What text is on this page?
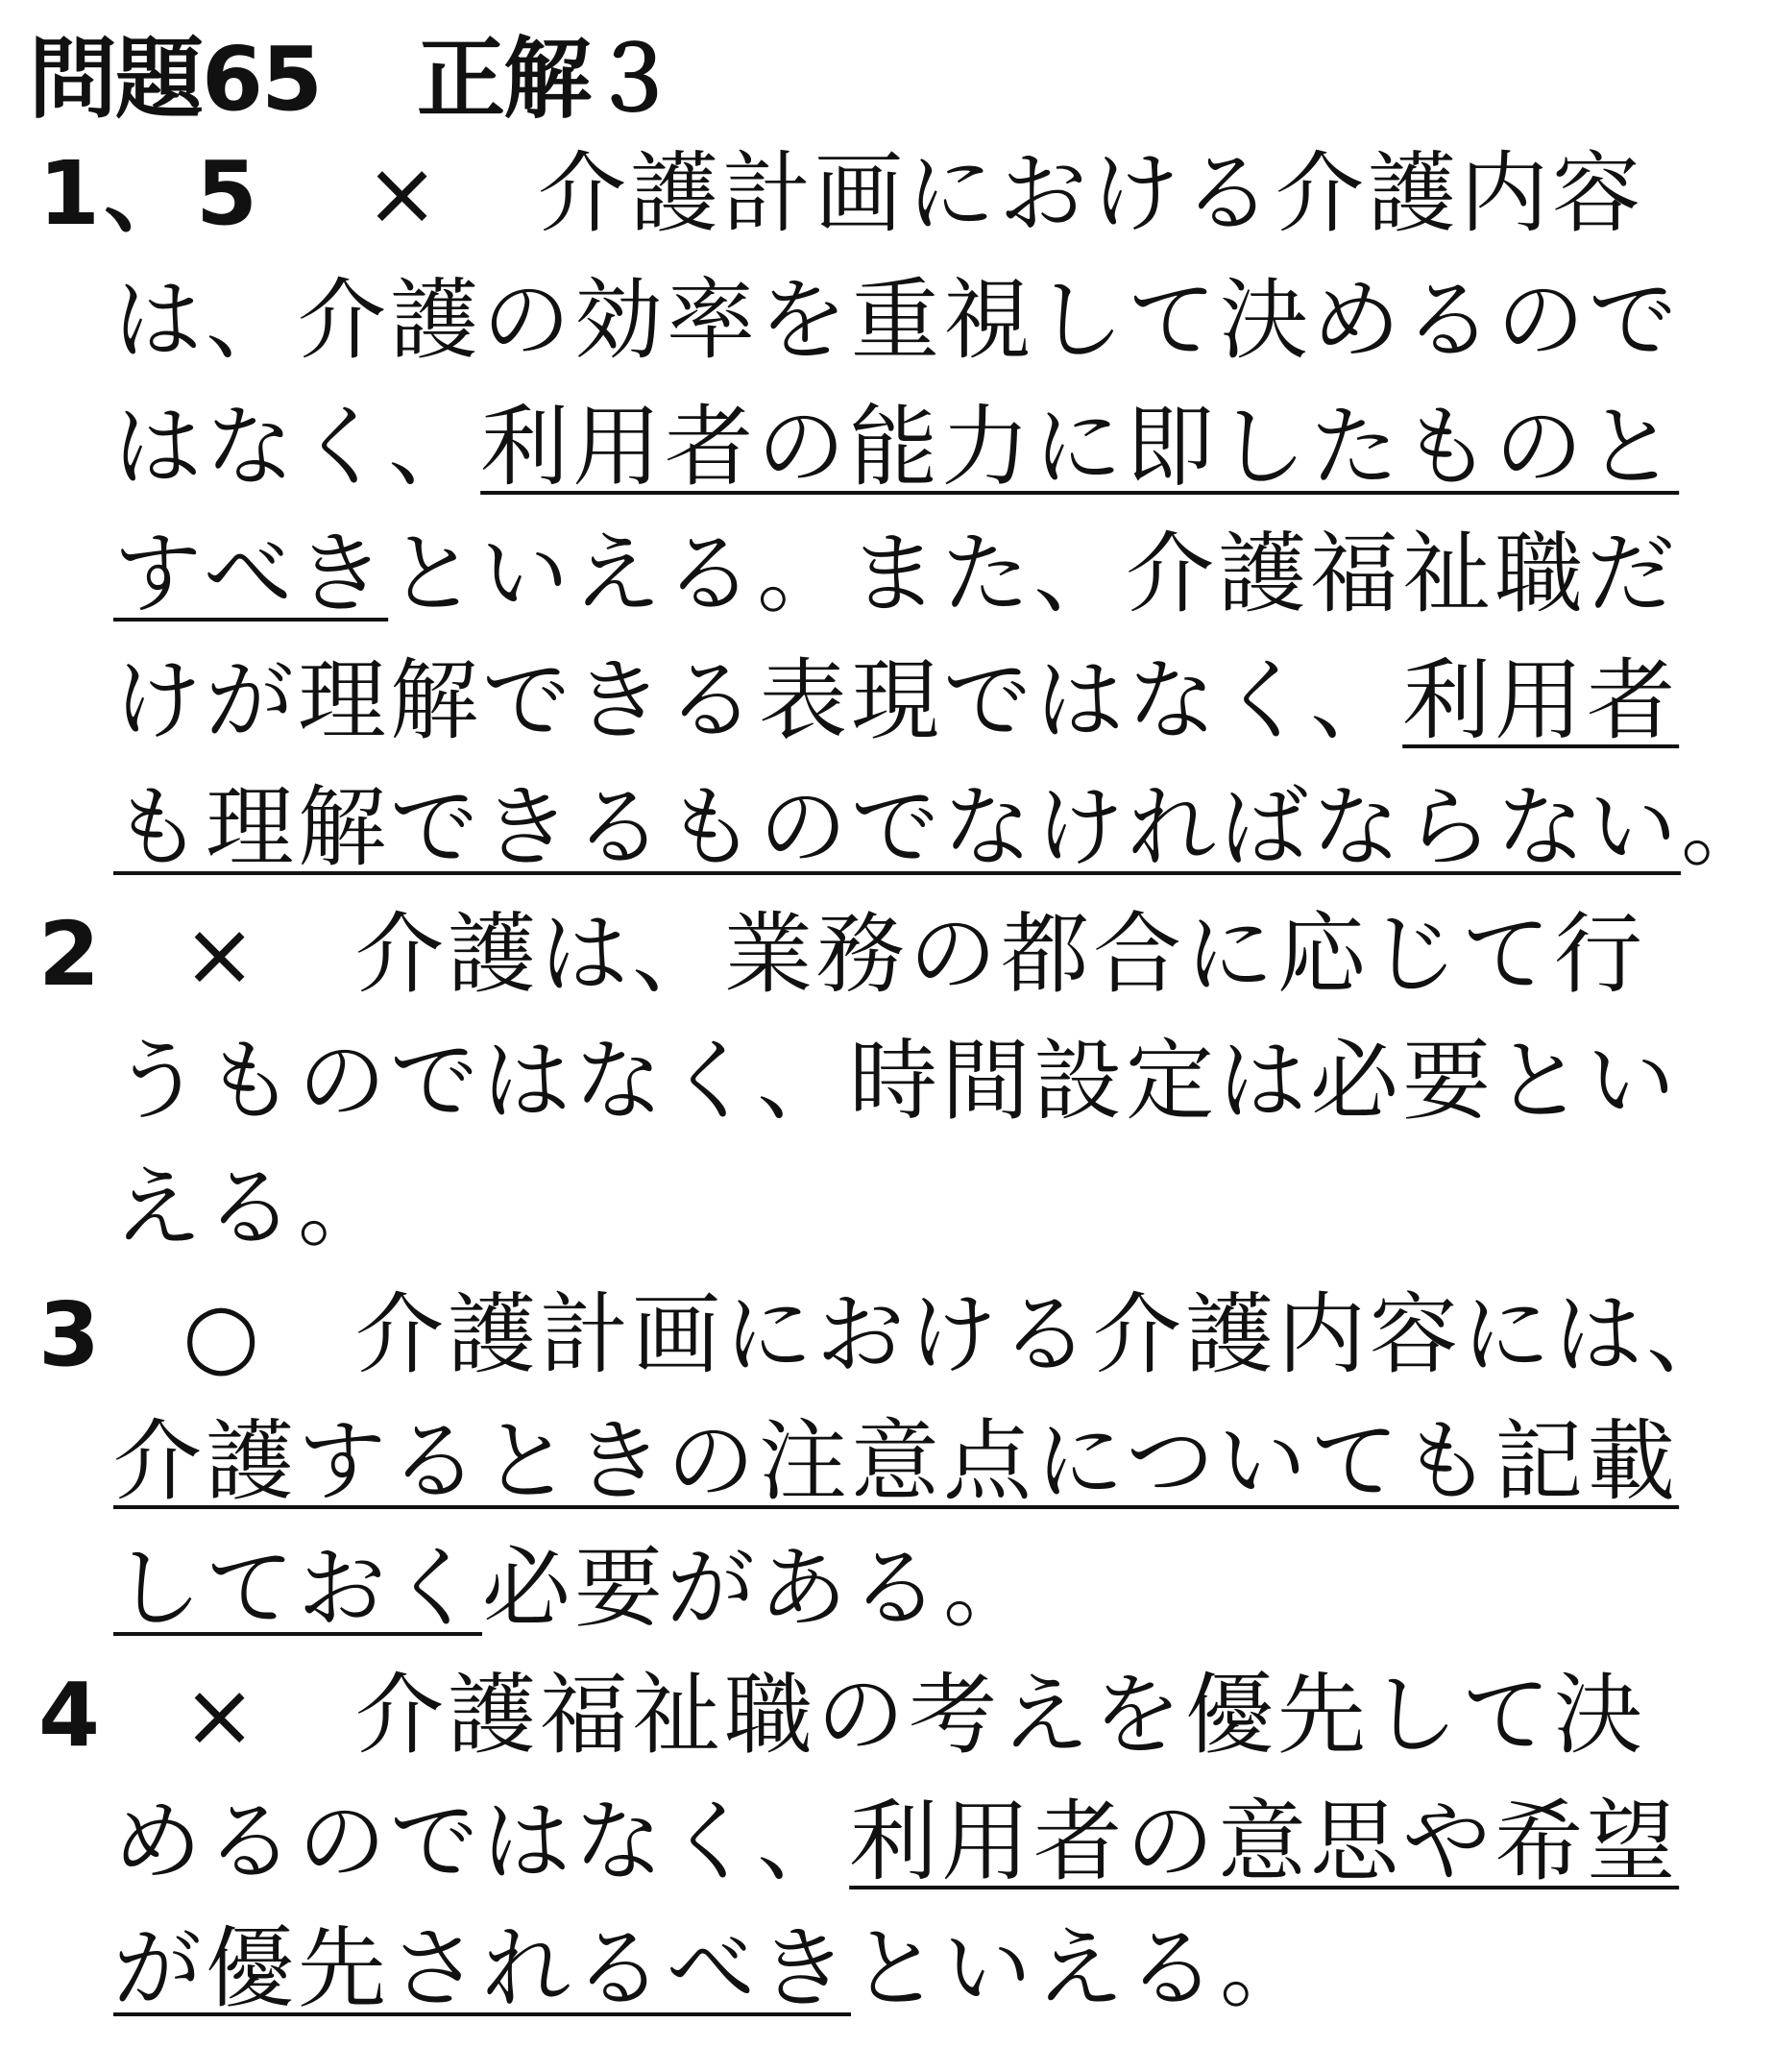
問題65 正解３
1、5 × 介護計画における介護内容
は、介護の効率を重視して決めるので
はなく、利用者の能力に即したものと
すべきといえる。また、介護福祉職だ
けが理解できる表現ではなく、利用者
も理解できるものでなければならない。
2 × 介護は、業務の都合に応じて行
うものではなく、時間設定は必要とい
える。
3 ○ 介護計画における介護内容には、
介護するときの注意点についても記載
しておく必要がある。
4 × 介護福祉職の考えを優先して決
めるのではなく、利用者の意思や希望
が優先されるべきといえる。
